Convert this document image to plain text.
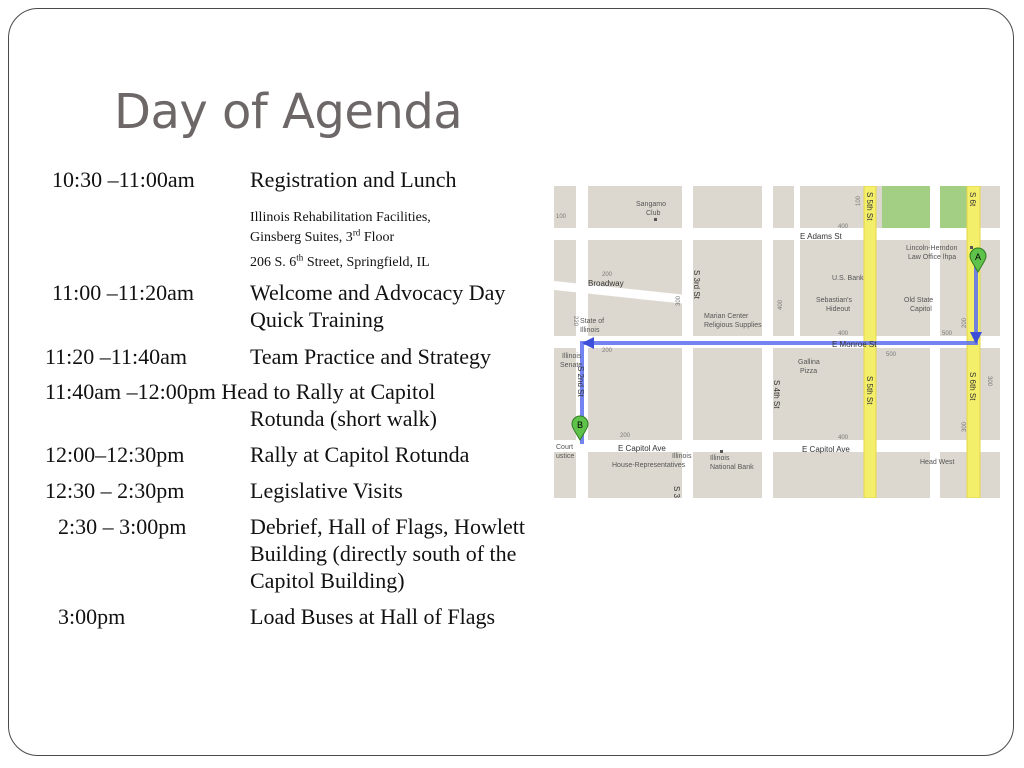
Day of Agenda
10:30 –11:00am	Registration and Lunch
Illinois Rehabilitation Facilities,
Ginsberg Suites, 3rd Floor
206 S. 6th Street, Springfield, IL
11:00 –11:20am	Welcome and Advocacy Day
Quick Training
11:20 –11:40am	Team Practice and Strategy
11:40am –12:00pm Head to Rally at Capitol
Rotunda (short walk)
12:00–12:30pm	Rally at Capitol Rotunda
12:30 – 2:30pm	Legislative Visits
2:30 – 3:00pm	Debrief, Hall of Flags, Howlett
Building (directly south of the
Capitol Building)
3:00pm	Load Buses at Hall of Flags
A
B
E Adams St
E Monroe St
E Capitol Ave
E Capitol Ave
Broadway	S 3rd St
S 4th St
S 5th St
S 5th St	S 6th St
S 6t
S 2nd St
S 3
Sangamo
Club
Lincoln-Herndon
Law Office lhpa
U.S. Bank
Sebastian's
Hideout
Old State
Capitol
Marian Center
Religious Supplies
State of
Illinois
Illinois
Senate	Gallina
Pizza
Court
ustice	Illinois
House-Representatives
Illinois
National Bank
Head West
100
100
200
200
200
200
220
300
300
300
400
400
400
400
500
500
